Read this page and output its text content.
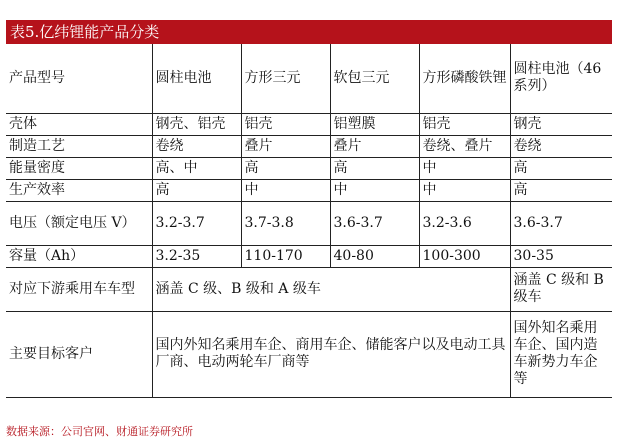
表5.亿纬锂能产品分类
产品型号	圆柱电池	方形三元	软包三元	方形磷酸铁锂	圆柱电池（46 系列）
壳体	钢壳、铝壳	铝壳	铝塑膜	铝壳	钢壳
制造工艺	卷绕	叠片	叠片	卷绕、叠片	卷绕
能量密度	高、中	高	高	中	高
生产效率	高	中	中	中	高
电压（额定电压 V）	3.2-3.7	3.7-3.8	3.6-3.7	3.2-3.6	3.6-3.7
容量（Ah）	3.2-35	110-170	40-80	100-300	30-35
对应下游乘用车车型	涵盖 C 级、B 级和 A 级车				涵盖 C 级和 B 级车
主要目标客户	国内外知名乘用车企、商用车企、储能客户以及电动工具厂商、电动两轮车厂商等				国外知名乘用车企、国内造车新势力车企等
数据来源：公司官网、财通证券研究所
